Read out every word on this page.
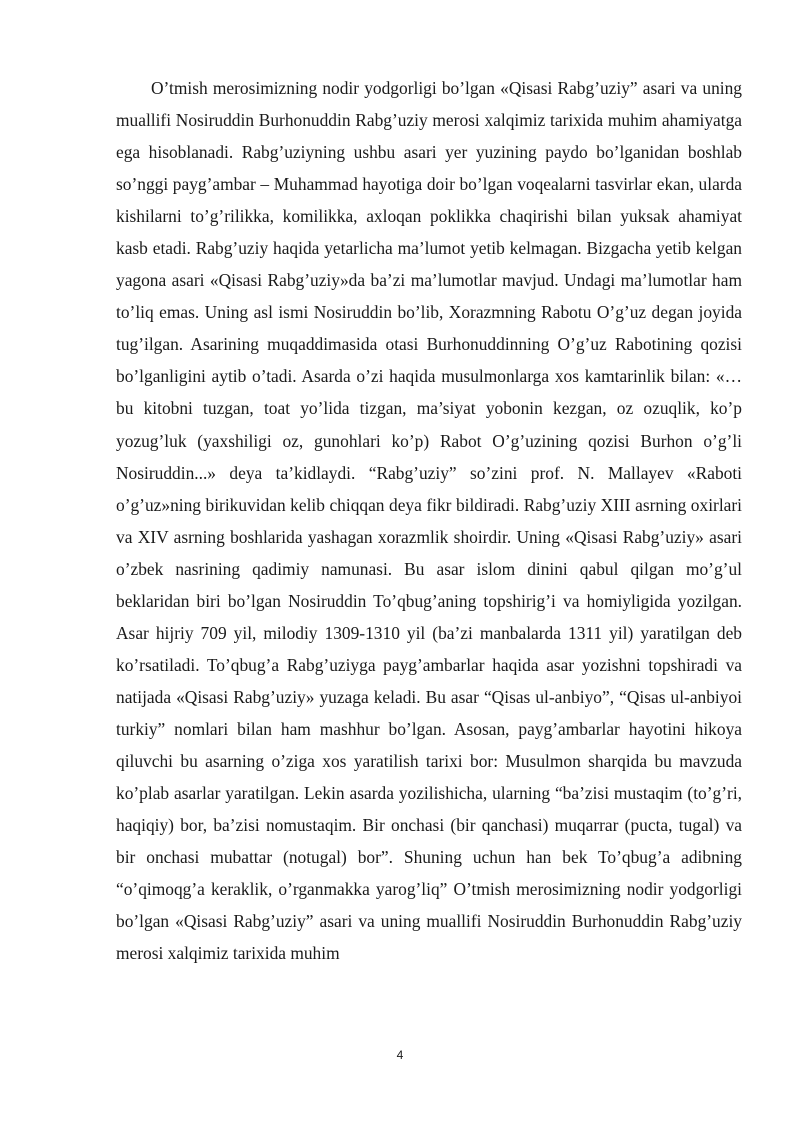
O’tmish merosimizning nodir yodgorligi bo’lgan «Qisasi Rabg’uziy” asari va uning muallifi Nosiruddin Burhonuddin Rabg’uziy merosi xalqimiz tarixida muhim ahamiyatga ega hisoblanadi. Rabg’uziyning ushbu asari yer yuzining paydo bo’lganidan boshlab so’nggi payg’ambar – Muhammad hayotiga doir bo’lgan voqealarni tasvirlar ekan, ularda kishilarni to’g’rilikka, komilikka, axloqan poklikka chaqirishi bilan yuksak ahamiyat kasb etadi. Rabg’uziy haqida yetarlicha ma’lumot yetib kelmagan. Bizgacha yetib kelgan yagona asari «Qisasi Rabg’uziy»da ba’zi ma’lumotlar mavjud. Undagi ma’lumotlar ham to’liq emas. Uning asl ismi Nosiruddin bo’lib, Xorazmning Rabotu O’g’uz degan joyida tug’ilgan. Asarining muqaddimasida otasi Burhonuddinning O’g’uz Rabotining qozisi bo’lganligini aytib o’tadi. Asarda o’zi haqida musulmonlarga xos kamtarinlik bilan: «…bu kitobni tuzgan, toat yo’lida tizgan, ma’siyat yobonin kezgan, oz ozuqlik, ko’p yozug’luk (yaxshiligi oz, gunohlari ko’p) Rabot O’g’uzining qozisi Burhon o’g’li Nosiruddin...» deya ta’kidlaydi. “Rabg’uziy” so’zini prof. N. Mallayev «Raboti o’g’uz»ning birikuvidan kelib chiqqan deya fikr bildiradi. Rabg’uziy XIII asrning oxirlari va XIV asrning boshlarida yashagan xorazmlik shoirdir. Uning «Qisasi Rabg’uziy» asari o’zbek nasrining qadimiy namunasi. Bu asar islom dinini qabul qilgan mo’g’ul beklaridan biri bo’lgan Nosiruddin To’qbug’aning topshirig’i va homiyligida yozilgan. Asar hijriy 709 yil, milodiy 1309-1310 yil (ba’zi manbalarda 1311 yil) yaratilgan deb ko’rsatiladi. To’qbug’a Rabg’uziyga payg’ambarlar haqida asar yozishni topshiradi va natijada «Qisasi Rabg’uziy» yuzaga keladi. Bu asar “Qisas ul-anbiyo”, “Qisas ul-anbiyoi turkiy” nomlari bilan ham mashhur bo’lgan. Asosan, payg’ambarlar hayotini hikoya qiluvchi bu asarning o’ziga xos yaratilish tarixi bor: Musulmon sharqida bu mavzuda ko’plab asarlar yaratilgan. Lekin asarda yozilishicha, ularning “ba’zisi mustaqim (to’g’ri, haqiqiy) bor, ba’zisi nomustaqim. Bir onchasi (bir qanchasi) muqarrar (pucta, tugal) va bir onchasi mubattar (notugal) bor”. Shuning uchun han bek To’qbug’a adibning “o’qimoqg’a keraklik, o’rganmakka yarog’liq” O’tmish merosimizning nodir yodgorligi bo’lgan «Qisasi Rabg’uziy” asari va uning muallifi Nosiruddin Burhonuddin Rabg’uziy merosi xalqimiz tarixida muhim

4
